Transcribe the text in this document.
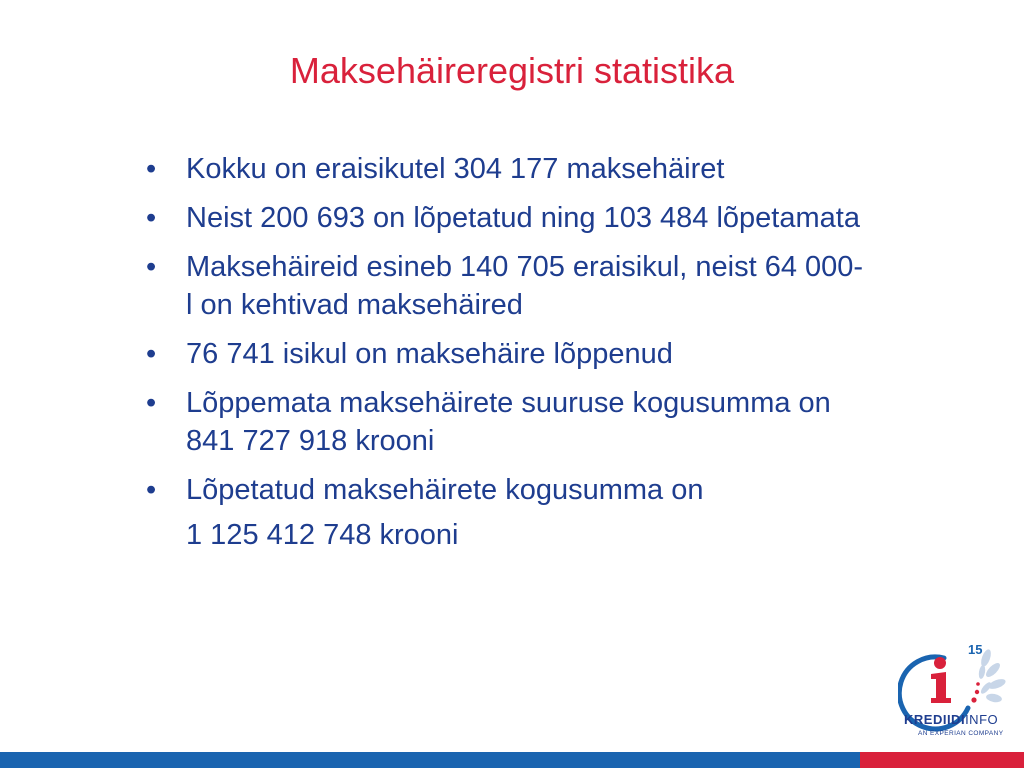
Maksehäireregistri statistika
• Kokku on eraisikutel 304 177 maksehäiret
• Neist 200 693 on lõpetatud ning 103 484 lõpetamata
• Maksehäireid esineb 140 705 eraisikul, neist 64 000-l on kehtivad maksehäired
• 76 741 isikul on maksehäire lõppenud
• Lõppemata maksehäirete suuruse kogusumma on 841 727 918 krooni
• Lõpetatud maksehäirete kogusumma on
1 125 412 748 krooni
15
KREDIIDIINFO
AN EXPERIAN COMPANY
